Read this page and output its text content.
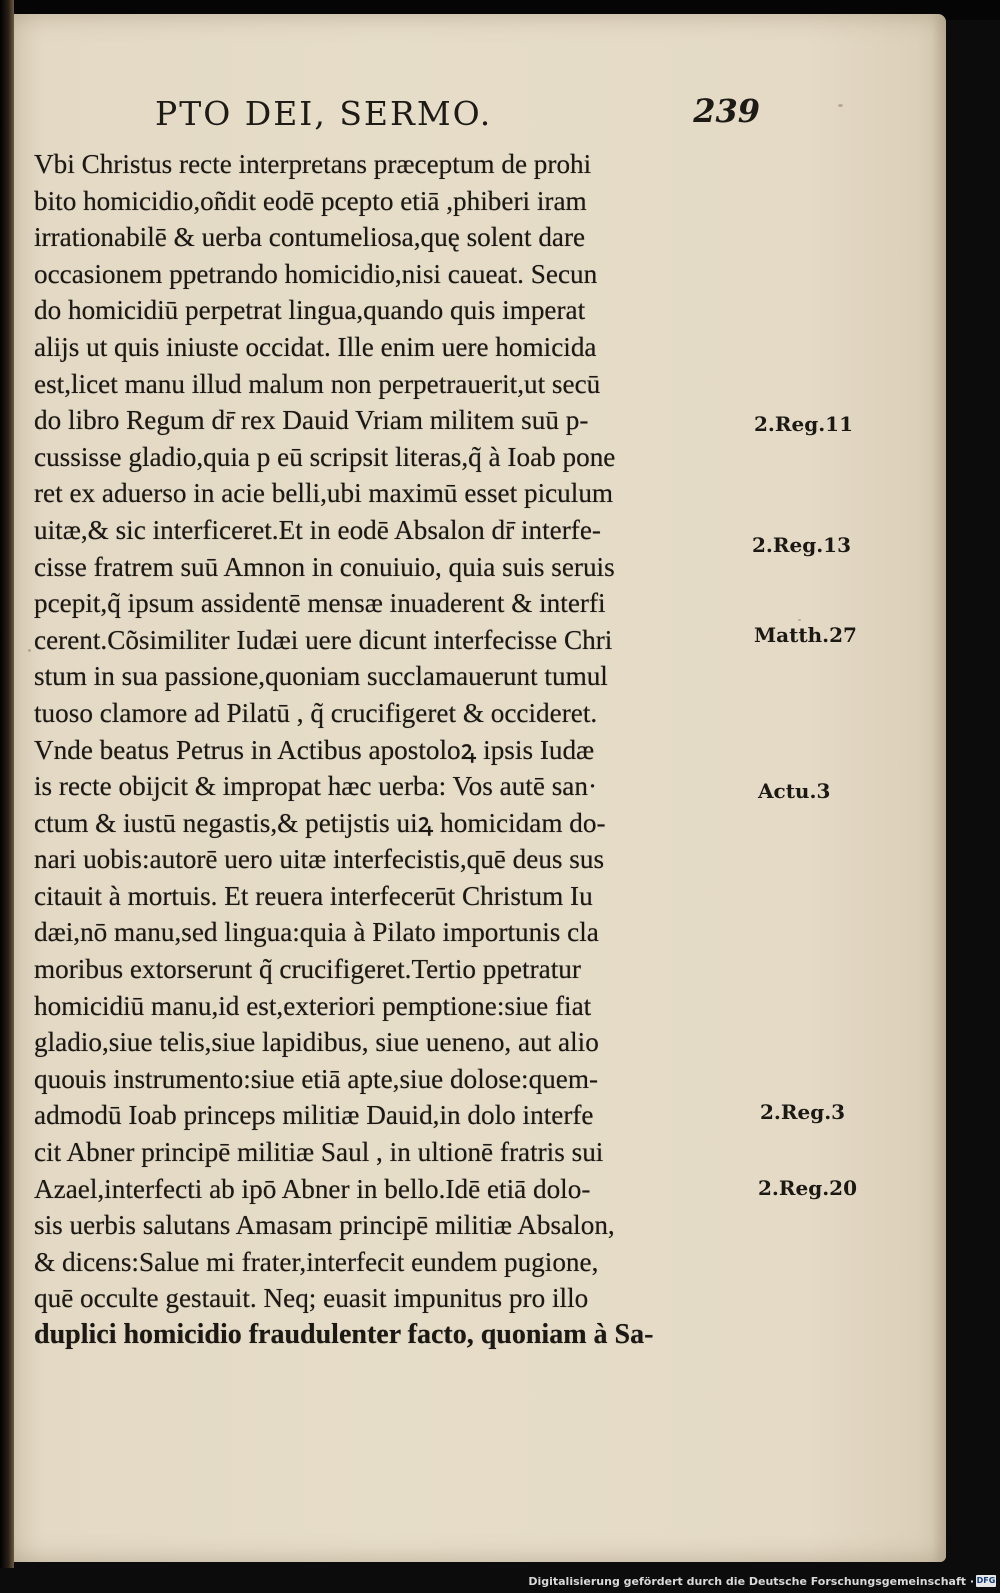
PTO DEI, SERMO.	239
Vbi Christus recte interpretans præceptum de prohi
bito homicidio,oñdit eodē pcepto etiā ,phiberi iram
irrationabilē & uerba contumeliosa,quę solent dare
occasionem ppetrando homicidio,nisi caueat. Secun
do homicidiū perpetrat lingua,quando quis imperat
alijs ut quis iniuste occidat. Ille enim uere homicida
est,licet manu illud malum non perpetrauerit,ut secū
do libro Regum dr̄ rex Dauid Vriam militem suū p-
cussisse gladio,quia p eū scripsit literas,q̃ à Ioab pone
ret ex aduerso in acie belli,ubi maximū esset piculum
uitæ,& sic interficeret.Et in eodē Absalon dr̄ interfe-
cisse fratrem suū Amnon in conuiuio, quia suis seruis
pcepit,q̃ ipsum assidentē mensæ inuaderent & interfi
cerent.Cõsimiliter Iudæi uere dicunt interfecisse Chri
stum in sua passione,quoniam succlamauerunt tumul
tuoso clamore ad Pilatū , q̃ crucifigeret & occideret.
Vnde beatus Petrus in Actibus apostoloꝝ ipsis Iudæ
is recte obijcit & impropat hæc uerba: Vos autē san·
ctum & iustū negastis,& petijstis uiꝝ homicidam do-
nari uobis:autorē uero uitæ interfecistis,quē deus sus
citauit à mortuis. Et reuera interfecerūt Christum Iu
dæi,nō manu,sed lingua:quia à Pilato importunis cla
moribus extorserunt q̃ crucifigeret.Tertio ppetratur
homicidiū manu,id est,exteriori pemptione:siue fiat
gladio,siue telis,siue lapidibus, siue ueneno, aut alio
quouis instrumento:siue etiā apte,siue dolose:quem-
admodū Ioab princeps militiæ Dauid,in dolo interfe
cit Abner principē militiæ Saul , in ultionē fratris sui
Azael,interfecti ab ipō Abner in bello.Idē etiā dolo-
sis uerbis salutans Amasam principē militiæ Absalon,
& dicens:Salue mi frater,interfecit eundem pugione,
quē occulte gestauit. Neq; euasit impunitus pro illo
duplici homicidio fraudulenter facto, quoniam à Sa-
2.Reg.11
2.Reg.13
Matth.27
Actu.3
2.Reg.3
2.Reg.20
Digitalisierung gefördert durch die Deutsche Forschungsgemeinschaft · DFG
